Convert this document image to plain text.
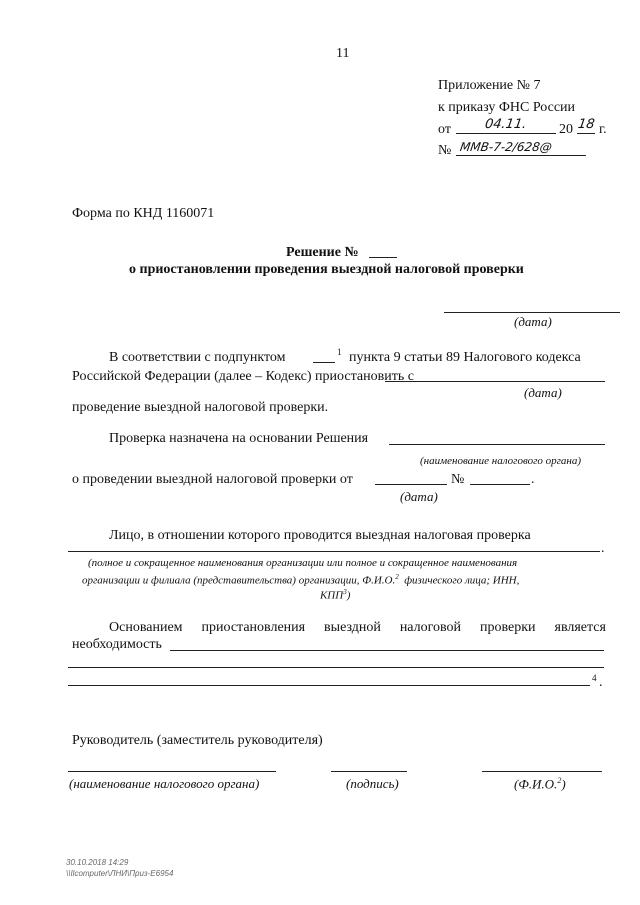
11
Приложение № 7
к приказу ФНС России
от	04.11. 20 18 г.
№ ММВ-7-2/628@
Форма по КНД 1160071
Решение №
о приостановлении проведения выездной налоговой проверки
(дата)
В соответствии с подпунктом	1 пункта 9 статьи 89 Налогового кодекса
Российской Федерации (далее – Кодекс) приостановить с
(дата)
проведение выездной налоговой проверки.
Проверка назначена на основании Решения
(наименование налогового органа)
о проведении выездной налоговой проверки от	№	.
(дата)
Лицо, в отношении которого проводится выездная налоговая проверка
.
(полное и сокращенное наименования организации или полное и сокращенное наименования
организации и филиала (представительства) организации, Ф.И.О.$^2$ физического лица; ИНН,
КПП$^3$)
Основанием приостановления выездной налоговой проверки является
необходимость
4 .
Руководитель (заместитель руководителя)
(наименование налогового органа)	(подпись)	(Ф.И.О.$^2$)
30.10.2018 14:29
\\Ilcomputer\ЛНИ\Приз-Е6954
